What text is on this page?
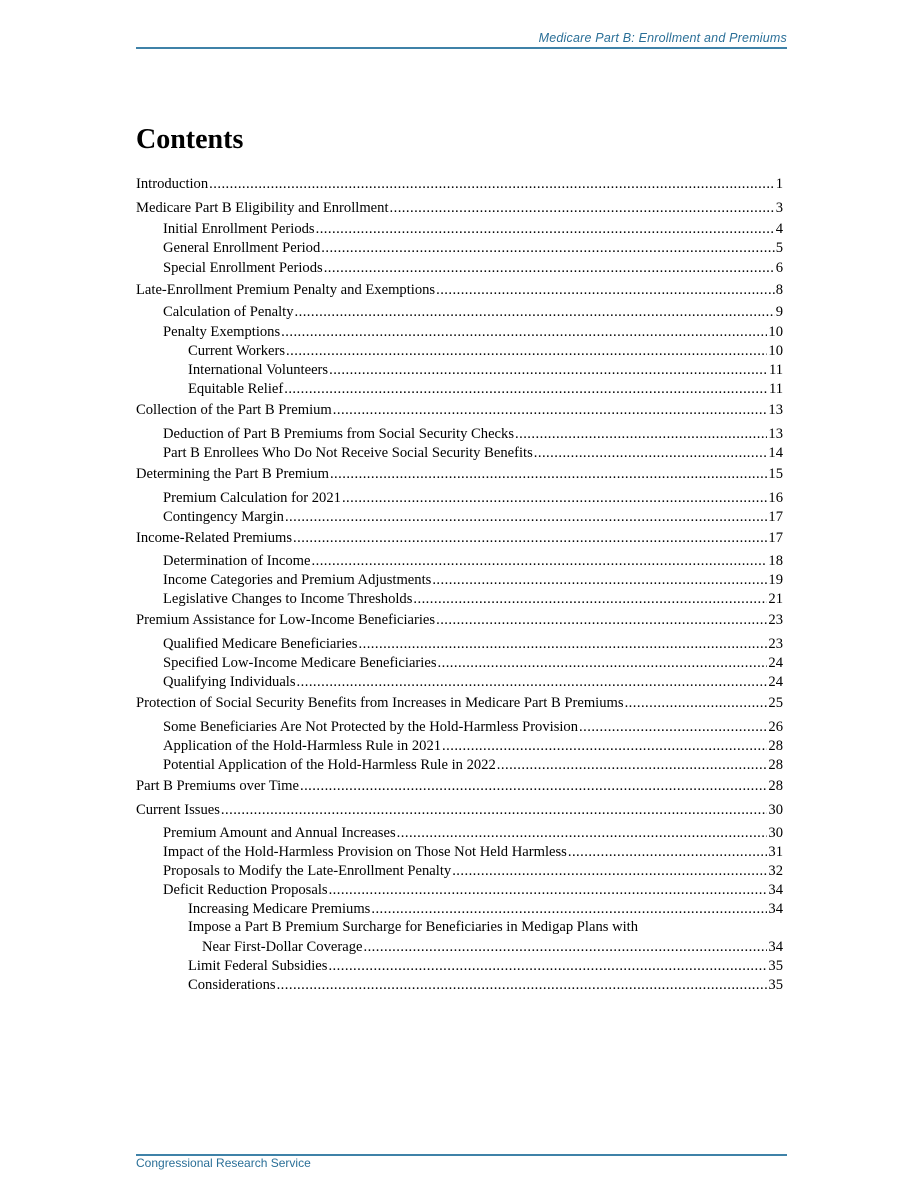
Medicare Part B: Enrollment and Premiums
Contents
Introduction . . .	1
Medicare Part B Eligibility and Enrollment . . .	3
Initial Enrollment Periods . . .	4
General Enrollment Period . . .	5
Special Enrollment Periods . . .	6
Late-Enrollment Premium Penalty and Exemptions . . .	8
Calculation of Penalty . . .	9
Penalty Exemptions . . .	10
Current Workers . . .	10
International Volunteers . . .	11
Equitable Relief . . .	11
Collection of the Part B Premium . . .	13
Deduction of Part B Premiums from Social Security Checks . . .	13
Part B Enrollees Who Do Not Receive Social Security Benefits . . .	14
Determining the Part B Premium . . .	15
Premium Calculation for 2021 . . .	16
Contingency Margin . . .	17
Income-Related Premiums . . .	17
Determination of Income . . .	18
Income Categories and Premium Adjustments . . .	19
Legislative Changes to Income Thresholds . . .	21
Premium Assistance for Low-Income Beneficiaries . . .	23
Qualified Medicare Beneficiaries . . .	23
Specified Low-Income Medicare Beneficiaries . . .	24
Qualifying Individuals . . .	24
Protection of Social Security Benefits from Increases in Medicare Part B Premiums . . .	25
Some Beneficiaries Are Not Protected by the Hold-Harmless Provision . . .	26
Application of the Hold-Harmless Rule in 2021 . . .	28
Potential Application of the Hold-Harmless Rule in 2022 . . .	28
Part B Premiums over Time . . .	28
Current Issues . . .	30
Premium Amount and Annual Increases . . .	30
Impact of the Hold-Harmless Provision on Those Not Held Harmless . . .	31
Proposals to Modify the Late-Enrollment Penalty . . .	32
Deficit Reduction Proposals . . .	34
Increasing Medicare Premiums . . .	34
Impose a Part B Premium Surcharge for Beneficiaries in Medigap Plans with
Near First-Dollar Coverage . . .	34
Limit Federal Subsidies . . .	35
Considerations . . .	35
Congressional Research Service
